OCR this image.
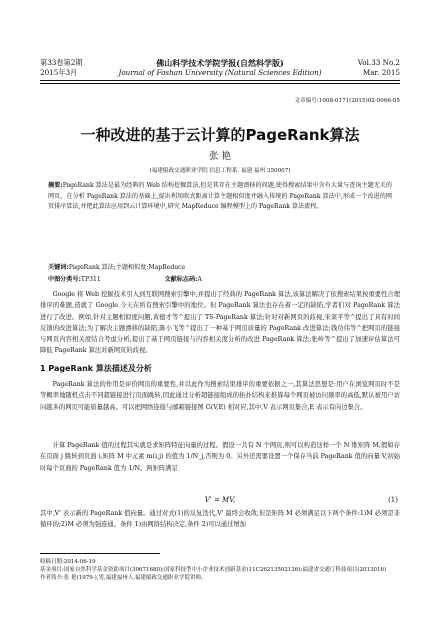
第33卷第2期
2015年3月
佛山科学技术学院学报(自然科学版)
Journal of Foshan University (Natural Sciences Edition)
Vol.33 No.2
Mar. 2015
文章编号:1008-0171(2015)02-0066-05
一种改进的基于云计算的PageRank算法
张 艳
(福建船政交通职业学院 信息工程系, 福建 福州 350007)
摘要:PageRank 算法是最为经典的 Web 结构挖掘算法,但是其存在主题漂移的问题,使得搜索结果中含有大量与查询主题无关的网页。在分析 PageRank 算法的基础上,提出利用欧式距离计算主题相似度并融入传统的 PageRank 算法中,形成一个改进的网页排序算法,并把此算法应用到云计算环境中,研究 MapReduce 编程模型上的 PageRank 算法流程。
关键词:PageRank 算法;主题相似度;MapReduce
中图分类号:TP311	文献标志码:A
Google 将 Web 挖掘技术引入到互联网搜索引擎中,并提出了经典的 PageRank 算法,该算法解决了依搜索结果按重要性合理排序的难题,造就了 Google 今天在所有搜索引擎中的地位。但 PageRank 算法也存在着一定的缺陷,学者们对 PageRank 算法进行了改进。例如,针对主题相似度问题,黄德才等^提出了 TS-PageRank 算法;针对对新网页的歧视,宋莱平等^提出了具有时间反馈的改进算法;为了解决主题漂移的缺陷,陈小飞等^提出了一种基于网页质量的 PageRank 改进算法;钱功伟等^把网页的链接与网页内容相关度结合考虑分析,提出了基于网页链接与内容相关度分析的改进 PageRank 算法;张岭等^提出了加速评估算法可降低 PageRank 算法对新网页的歧视。
1 PageRank 算法描述及分析
PageRank 算法的作用是评价网页的重要性,并以此作为搜索结果排序的重要依据之一,其算法思想是:用户在浏览网页时不是等概率地随机点击不同超链接进行页面跳转,因此通过分析超链接组成的拓扑结构来推算每个网页被访问频率的高低,默认被用户访问越多的网页可能质量越高。可以把网络连接与邮箱链接图 G(V,E) 相对应,其中,V 表示网页集合,E 表示有向边集合。
计算 PageRank 值的过程其实就是求矩阵特征向量的过程。假设一共有 N 个网页,则可以构造这样一个 N 维矩阵 M,假如存在页面 j 跳转到页面 i,矩阵 M 中元素 m(i,j) 的值为 1/N_j,否则为 0。另外还需要设置一个保存当前 PageRank 值的向量 V,初始时每个页面的 PageRank 值为 1/N。两矩阵满足
V' = MV,	(1)
其中,V' 表示新的 PageRank 值向量。通过对式(1)的反复迭代,V' 最终会收敛,但是矩阵 M 必须满足以下两个条件:1)M 必须是非循环的;2)M 必须为强连通。条件 1)由网络结构决定,条件 2)可以通过增加
收稿日期:2014-06-19
基金项目:国家自然科学基金资助项目(30671680);国家科技型中小企业技术创新基金(11C26213502126);福建省交通厅科技项目(2013016)
作者简介:张 艳(1979-),男,福建福州人,福建船政交通职业学院讲师。
